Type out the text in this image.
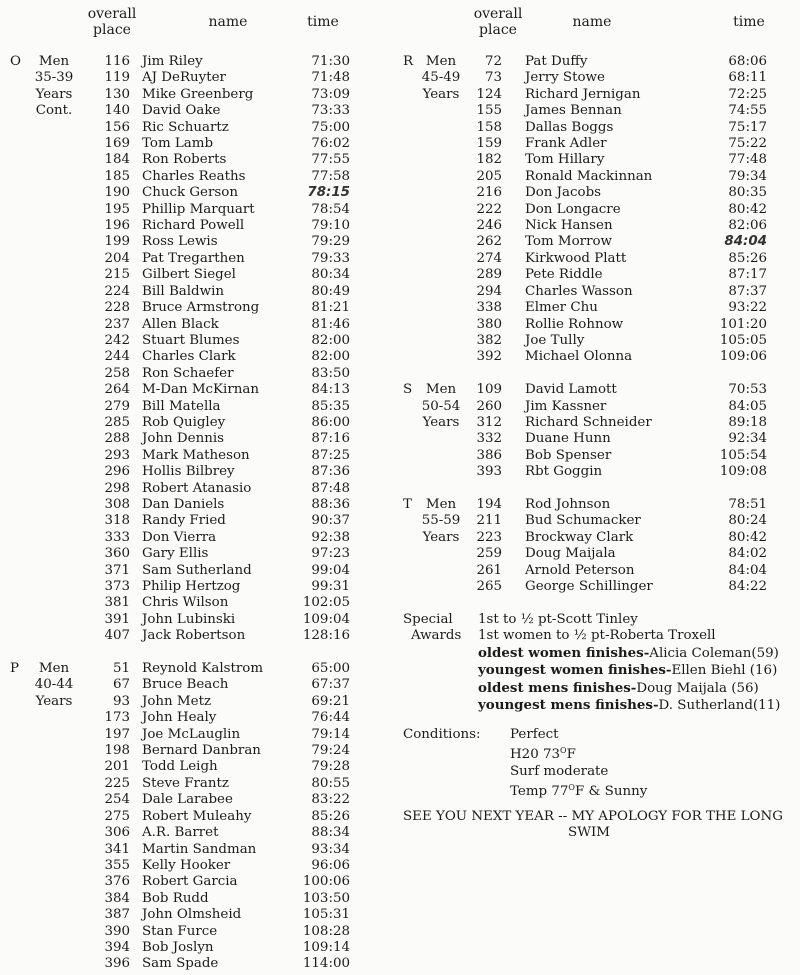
overall
place	name	time	overall
place	name	time
O	Men	116 Jim Riley	71:30
35-39	119 AJ DeRuyter	71:48
Years	130 Mike Greenberg	73:09
Cont.	140 David Oake	73:33
156 Ric Schuartz	75:00
169 Tom Lamb	76:02
184 Ron Roberts	77:55
185 Charles Reaths	77:58
190 Chuck Gerson	78:15
195 Phillip Marquart	78:54
196 Richard Powell	79:10
199 Ross Lewis	79:29
204 Pat Tregarthen	79:33
215 Gilbert Siegel	80:34
224 Bill Baldwin	80:49
228 Bruce Armstrong	81:21
237 Allen Black	81:46
242 Stuart Blumes	82:00
244 Charles Clark	82:00
258 Ron Schaefer	83:50
264 M-Dan McKirnan	84:13
279 Bill Matella	85:35
285 Rob Quigley	86:00
288 John Dennis	87:16
293 Mark Matheson	87:25
296 Hollis Bilbrey	87:36
298 Robert Atanasio	87:48
308 Dan Daniels	88:36
318 Randy Fried	90:37
333 Don Vierra	92:38
360 Gary Ellis	97:23
371 Sam Sutherland	99:04
373 Philip Hertzog	99:31
381 Chris Wilson	102:05
391 John Lubinski	109:04
407 Jack Robertson	128:16
P	Men	51 Reynold Kalstrom	65:00
40-44	67 Bruce Beach	67:37
Years	93 John Metz	69:21
173 John Healy	76:44
197 Joe McLauglin	79:14
198 Bernard Danbran	79:24
201 Todd Leigh	79:28
225 Steve Frantz	80:55
254 Dale Larabee	83:22
275 Robert Muleahy	85:26
306 A.R. Barret	88:34
341 Martin Sandman	93:34
355 Kelly Hooker	96:06
376 Robert Garcia	100:06
384 Bob Rudd	103:50
387 John Olmsheid	105:31
390 Stan Furce	108:28
394 Bob Joslyn	109:14
396 Sam Spade	114:00
R Men	72 Pat Duffy	68:06
45-49	73 Jerry Stowe	68:11
Years	124 Richard Jernigan	72:25
155 James Bennan	74:55
158 Dallas Boggs	75:17
159 Frank Adler	75:22
182 Tom Hillary	77:48
205 Ronald Mackinnan	79:34
216 Don Jacobs	80:35
222 Don Longacre	80:42
246 Nick Hansen	82:06
262 Tom Morrow	84:04
274 Kirkwood Platt	85:26
289 Pete Riddle	87:17
294 Charles Wasson	87:37
338 Elmer Chu	93:22
380 Rollie Rohnow	101:20
382 Joe Tully	105:05
392 Michael Olonna	109:06
S	Men	109 David Lamott	70:53
50-54	260 Jim Kassner	84:05
Years	312 Richard Schneider	89:18
332 Duane Hunn	92:34
386 Bob Spenser	105:54
393 Rbt Goggin	109:08
T	Men	194 Rod Johnson	78:51
55-59	211 Bud Schumacker	80:24
Years	223 Brockway Clark	80:42
259 Doug Maijala	84:02
261 Arnold Peterson	84:04
265 George Schillinger	84:22
Special
Awards
1st to ½ pt-Scott Tinley
1st women to ½ pt-Roberta Troxell
oldest women finishes-Alicia Coleman(59)
youngest women finishes-Ellen Biehl (16)
oldest mens finishes-Doug Maijala (56)
youngest mens finishes-D. Sutherland(11)
Conditions: Perfect
H20 $73^OF$
Surf moderate
Temp $77^OF$ & Sunny
SEE YOU NEXT YEAR -- MY APOLOGY FOR THE LONG
SWIM
